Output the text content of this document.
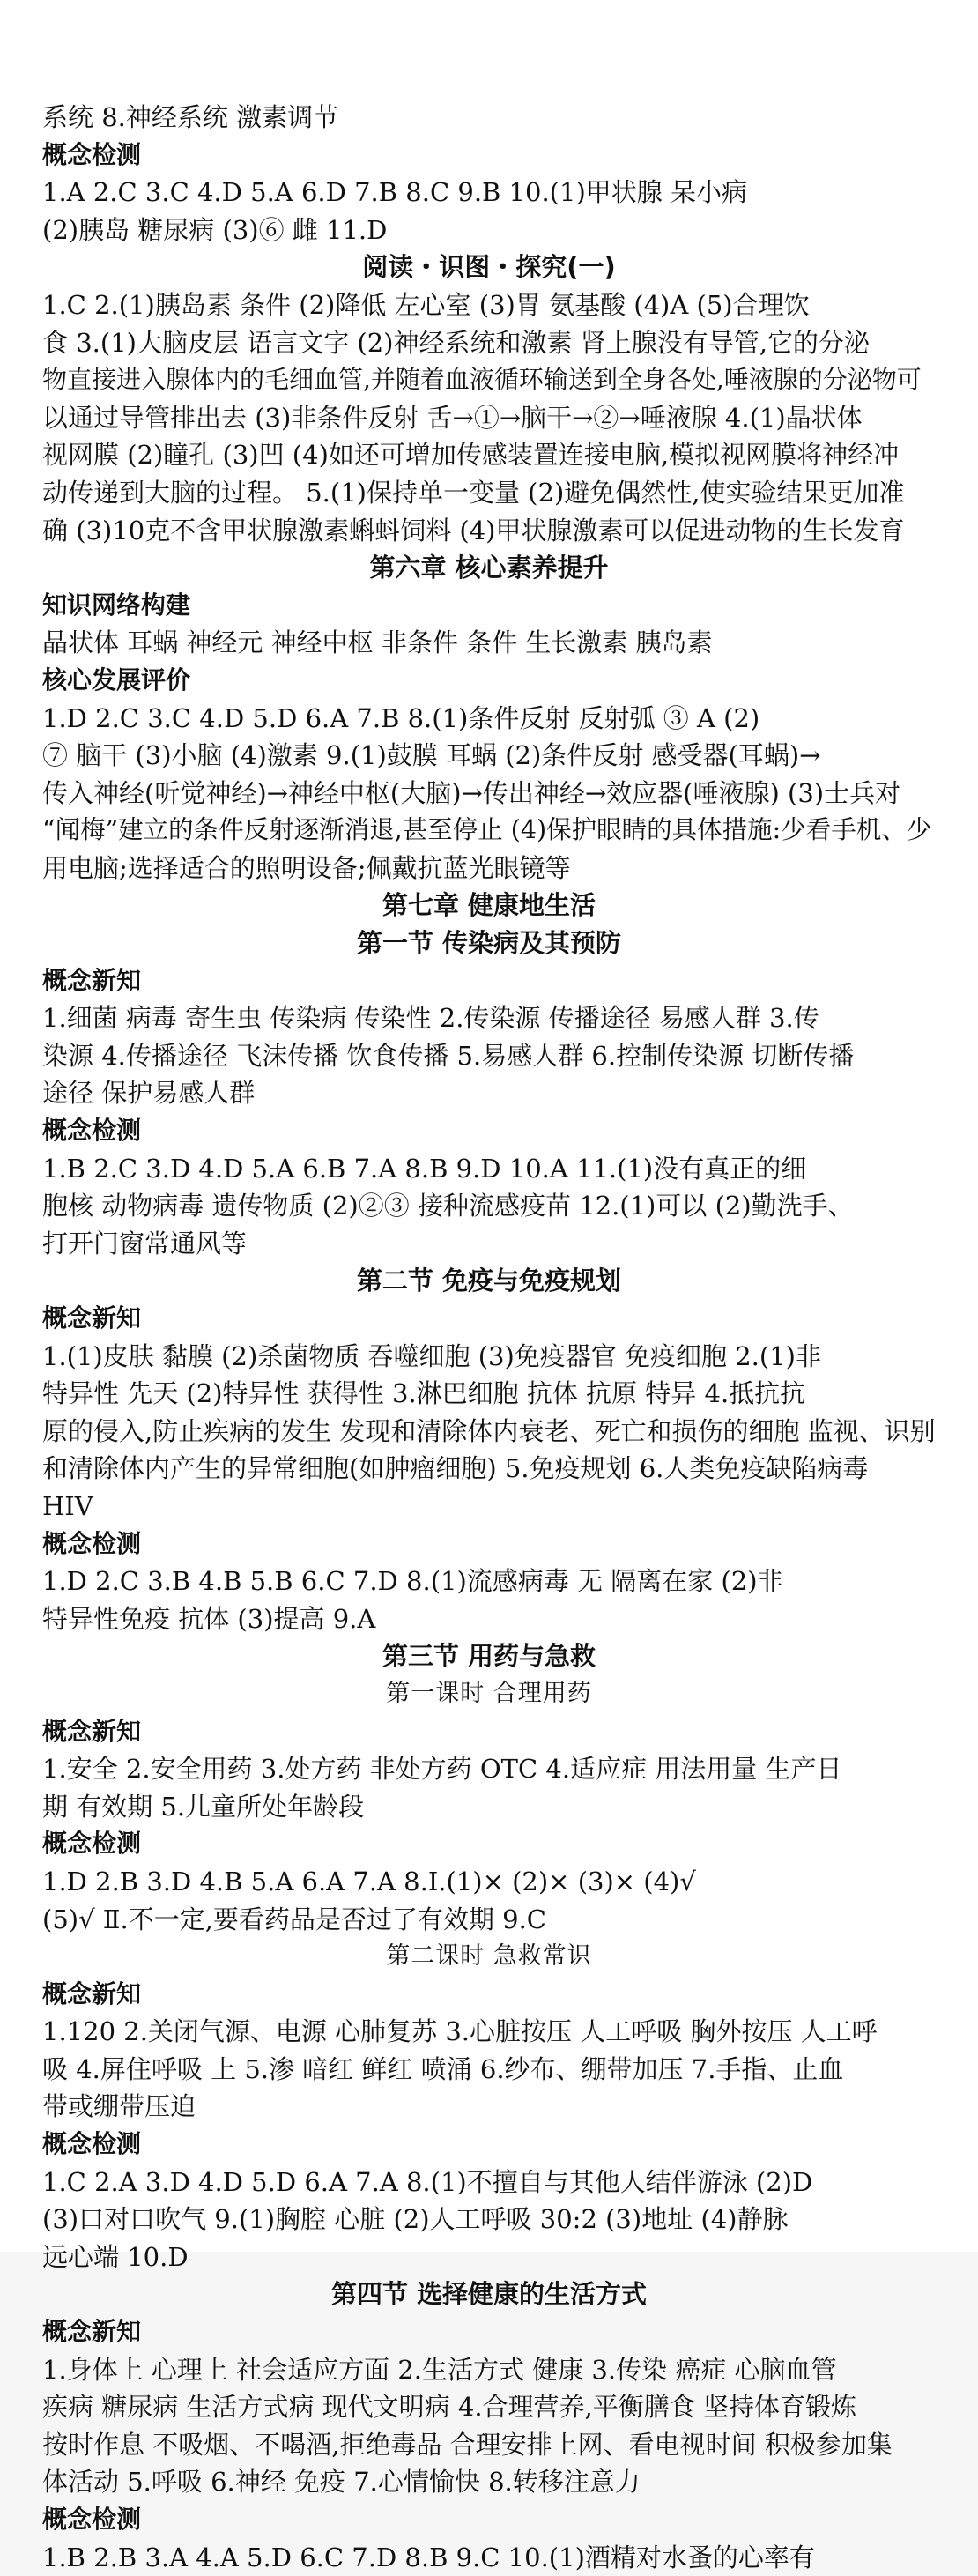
系统 8.神经系统 激素调节
概念检测
1.A 2.C 3.C 4.D 5.A 6.D 7.B 8.C 9.B 10.(1)甲状腺 呆小病
(2)胰岛 糖尿病 (3)⑥ 雌 11.D
阅读・识图・探究(一)
1.C 2.(1)胰岛素 条件 (2)降低 左心室 (3)胃 氨基酸 (4)A (5)合理饮
食 3.(1)大脑皮层 语言文字 (2)神经系统和激素 肾上腺没有导管,它的分泌
物直接进入腺体内的毛细血管,并随着血液循环输送到全身各处,唾液腺的分泌物可
以通过导管排出去 (3)非条件反射 舌→①→脑干→②→唾液腺 4.(1)晶状体
视网膜 (2)瞳孔 (3)凹 (4)如还可增加传感装置连接电脑,模拟视网膜将神经冲
动传递到大脑的过程。 5.(1)保持单一变量 (2)避免偶然性,使实验结果更加准
确 (3)10克不含甲状腺激素蝌蚪饲料 (4)甲状腺激素可以促进动物的生长发育
第六章 核心素养提升
知识网络构建
晶状体 耳蜗 神经元 神经中枢 非条件 条件 生长激素 胰岛素
核心发展评价
1.D 2.C 3.C 4.D 5.D 6.A 7.B 8.(1)条件反射 反射弧 ③ A (2)
⑦ 脑干 (3)小脑 (4)激素 9.(1)鼓膜 耳蜗 (2)条件反射 感受器(耳蜗)→
传入神经(听觉神经)→神经中枢(大脑)→传出神经→效应器(唾液腺) (3)士兵对
“闻梅”建立的条件反射逐渐消退,甚至停止 (4)保护眼睛的具体措施:少看手机、少
用电脑;选择适合的照明设备;佩戴抗蓝光眼镜等
第七章 健康地生活
第一节 传染病及其预防
概念新知
1.细菌 病毒 寄生虫 传染病 传染性 2.传染源 传播途径 易感人群 3.传
染源 4.传播途径 飞沫传播 饮食传播 5.易感人群 6.控制传染源 切断传播
途径 保护易感人群
概念检测
1.B 2.C 3.D 4.D 5.A 6.B 7.A 8.B 9.D 10.A 11.(1)没有真正的细
胞核 动物病毒 遗传物质 (2)②③ 接种流感疫苗 12.(1)可以 (2)勤洗手、
打开门窗常通风等
第二节 免疫与免疫规划
概念新知
1.(1)皮肤 黏膜 (2)杀菌物质 吞噬细胞 (3)免疫器官 免疫细胞 2.(1)非
特异性 先天 (2)特异性 获得性 3.淋巴细胞 抗体 抗原 特异 4.抵抗抗
原的侵入,防止疾病的发生 发现和清除体内衰老、死亡和损伤的细胞 监视、识别
和清除体内产生的异常细胞(如肿瘤细胞) 5.免疫规划 6.人类免疫缺陷病毒
HIV
概念检测
1.D 2.C 3.B 4.B 5.B 6.C 7.D 8.(1)流感病毒 无 隔离在家 (2)非
特异性免疫 抗体 (3)提高 9.A
第三节 用药与急救
第一课时 合理用药
概念新知
1.安全 2.安全用药 3.处方药 非处方药 OTC 4.适应症 用法用量 生产日
期 有效期 5.儿童所处年龄段
概念检测
1.D 2.B 3.D 4.B 5.A 6.A 7.A 8.Ⅰ.(1)× (2)× (3)× (4)√
(5)√ Ⅱ.不一定,要看药品是否过了有效期 9.C
第二课时 急救常识
概念新知
1.120 2.关闭气源、电源 心肺复苏 3.心脏按压 人工呼吸 胸外按压 人工呼
吸 4.屏住呼吸 上 5.渗 暗红 鲜红 喷涌 6.纱布、绷带加压 7.手指、止血
带或绷带压迫
概念检测
1.C 2.A 3.D 4.D 5.D 6.A 7.A 8.(1)不擅自与其他人结伴游泳 (2)D
(3)口对口吹气 9.(1)胸腔 心脏 (2)人工呼吸 30:2 (3)地址 (4)静脉
远心端 10.D
第四节 选择健康的生活方式
概念新知
1.身体上 心理上 社会适应方面 2.生活方式 健康 3.传染 癌症 心脑血管
疾病 糖尿病 生活方式病 现代文明病 4.合理营养,平衡膳食 坚持体育锻炼
按时作息 不吸烟、不喝酒,拒绝毒品 合理安排上网、看电视时间 积极参加集
体活动 5.呼吸 6.神经 免疫 7.心情愉快 8.转移注意力
概念检测
1.B 2.B 3.A 4.A 5.D 6.C 7.D 8.B 9.C 10.(1)酒精对水蚤的心率有
